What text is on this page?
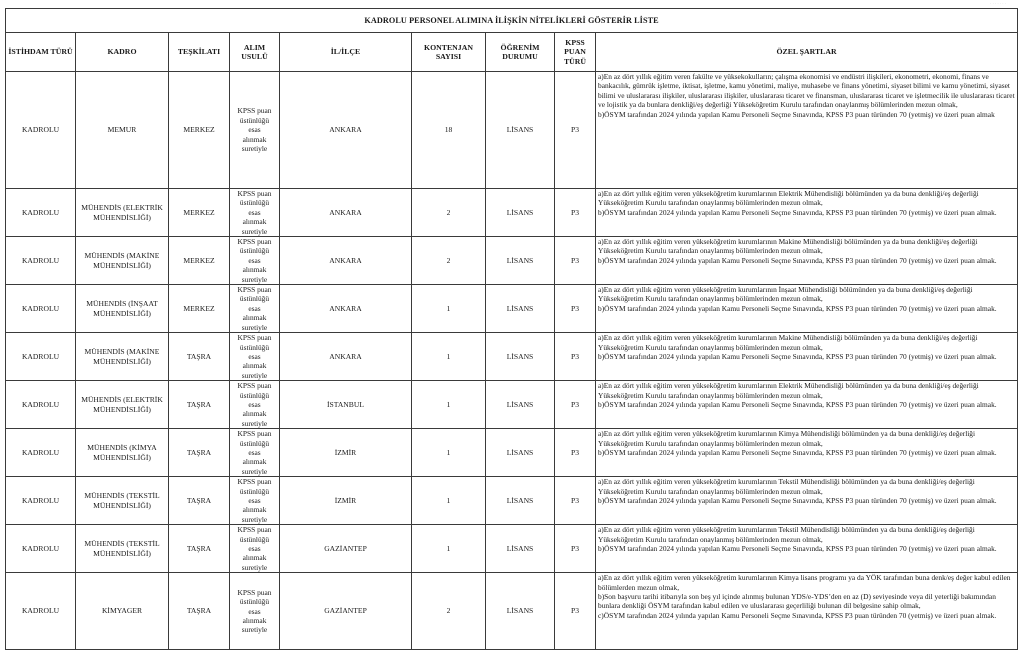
· · · · · · ·
KADROLU PERSONEL ALIMINA İLİŞKİN NİTELİKLERİ GÖSTERİR LİSTE								
İSTİHDAM TÜRÜ	KADRO	TEŞKİLATI	ALIM USULÜ	İL/İLÇE	KONTENJAN SAYISI	ÖĞRENİM DURUMU	KPSS PUAN TÜRÜ	ÖZEL ŞARTLAR
KADROLU	MEMUR	MERKEZ	KPSS puan üstünlüğü esas alınmak suretiyle	ANKARA	18	LİSANS	P3	a)En az dört yıllık eğitim veren fakülte ve yüksekokulların; çalışma ekonomisi ve endüstri ilişkileri, ekonometri, ekonomi, finans ve bankacılık, gümrük işletme, iktisat, işletme, kamu yönetimi, maliye, muhasebe ve finans yönetimi, siyaset bilimi ve kamu yönetimi, siyaset bilimi ve uluslararası ilişkiler, uluslararası ilişkiler, uluslararası ticaret ve finansman, uluslararası ticaret ve işletmecilik ile uluslararası ticaret ve lojistik ya da bunlara denkliği/eş değerliği Yükseköğretim Kurulu tarafından onaylanmış bölümlerinden mezun olmak,
b)ÖSYM tarafından 2024 yılında yapılan Kamu Personeli Seçme Sınavında, KPSS P3 puan türünden 70 (yetmiş) ve üzeri puan almak

KADROLU	MÜHENDİS (ELEKTRİK MÜHENDİSLİĞİ)	MERKEZ	KPSS puan üstünlüğü esas alınmak suretiyle	ANKARA	2	LİSANS	P3	a)En az dört yıllık eğitim veren yükseköğretim kurumlarının Elektrik Mühendisliği bölümünden ya da buna denkliği/eş değerliği Yükseköğretim Kurulu tarafından onaylanmış bölümlerinden mezun olmak,
b)ÖSYM tarafından 2024 yılında yapılan Kamu Personeli Seçme Sınavında, KPSS P3 puan türünden 70 (yetmiş) ve üzeri puan almak.

KADROLU	MÜHENDİS (MAKİNE MÜHENDİSLİĞİ)	MERKEZ	KPSS puan üstünlüğü esas alınmak suretiyle	ANKARA	2	LİSANS	P3	a)En az dört yıllık eğitim veren yükseköğretim kurumlarının Makine Mühendisliği bölümünden ya da buna denkliği/eş değerliği Yükseköğretim Kurulu tarafından onaylanmış bölümlerinden mezun olmak,
b)ÖSYM tarafından 2024 yılında yapılan Kamu Personeli Seçme Sınavında, KPSS P3 puan türünden 70 (yetmiş) ve üzeri puan almak.

KADROLU	MÜHENDİS (İNŞAAT MÜHENDİSLİĞİ)	MERKEZ	KPSS puan üstünlüğü esas alınmak suretiyle	ANKARA	1	LİSANS	P3	a)En az dört yıllık eğitim veren yükseköğretim kurumlarının İnşaat Mühendisliği bölümünden ya da buna denkliği/eş değerliği Yükseköğretim Kurulu tarafından onaylanmış bölümlerinden mezun olmak,
b)ÖSYM tarafından 2024 yılında yapılan Kamu Personeli Seçme Sınavında, KPSS P3 puan türünden 70 (yetmiş) ve üzeri puan almak.

KADROLU	MÜHENDİS (MAKİNE MÜHENDİSLİĞİ)	TAŞRA	KPSS puan üstünlüğü esas alınmak suretiyle	ANKARA	1	LİSANS	P3	a)En az dört yıllık eğitim veren yükseköğretim kurumlarının Makine Mühendisliği bölümünden ya da buna denkliği/eş değerliği Yükseköğretim Kurulu tarafından onaylanmış bölümlerinden mezun olmak,
b)ÖSYM tarafından 2024 yılında yapılan Kamu Personeli Seçme Sınavında, KPSS P3 puan türünden 70 (yetmiş) ve üzeri puan almak.

KADROLU	MÜHENDİS (ELEKTRİK MÜHENDİSLİĞİ)	TAŞRA	KPSS puan üstünlüğü esas alınmak suretiyle	İSTANBUL	1	LİSANS	P3	a)En az dört yıllık eğitim veren yükseköğretim kurumlarının Elektrik Mühendisliği bölümünden ya da buna denkliği/eş değerliği Yükseköğretim Kurulu tarafından onaylanmış bölümlerinden mezun olmak,
b)ÖSYM tarafından 2024 yılında yapılan Kamu Personeli Seçme Sınavında, KPSS P3 puan türünden 70 (yetmiş) ve üzeri puan almak.

KADROLU	MÜHENDİS (KİMYA MÜHENDİSLİĞİ)	TAŞRA	KPSS puan üstünlüğü esas alınmak suretiyle	İZMİR	1	LİSANS	P3	a)En az dört yıllık eğitim veren yükseköğretim kurumlarının Kimya Mühendisliği bölümünden ya da buna denkliği/eş değerliği Yükseköğretim Kurulu tarafından onaylanmış bölümlerinden mezun olmak,
b)ÖSYM tarafından 2024 yılında yapılan Kamu Personeli Seçme Sınavında, KPSS P3 puan türünden 70 (yetmiş) ve üzeri puan almak.

KADROLU	MÜHENDİS (TEKSTİL MÜHENDİSLİĞİ)	TAŞRA	KPSS puan üstünlüğü esas alınmak suretiyle	İZMİR	1	LİSANS	P3	a)En az dört yıllık eğitim veren yükseköğretim kurumlarının Tekstil Mühendisliği bölümünden ya da buna denkliği/eş değerliği Yükseköğretim Kurulu tarafından onaylanmış bölümlerinden mezun olmak,
b)ÖSYM tarafından 2024 yılında yapılan Kamu Personeli Seçme Sınavında, KPSS P3 puan türünden 70 (yetmiş) ve üzeri puan almak.

KADROLU	MÜHENDİS (TEKSTİL MÜHENDİSLİĞİ)	TAŞRA	KPSS puan üstünlüğü esas alınmak suretiyle	GAZİANTEP	1	LİSANS	P3	a)En az dört yıllık eğitim veren yükseköğretim kurumlarının Tekstil Mühendisliği bölümünden ya da buna denkliği/eş değerliği Yükseköğretim Kurulu tarafından onaylanmış bölümlerinden mezun olmak,
b)ÖSYM tarafından 2024 yılında yapılan Kamu Personeli Seçme Sınavında, KPSS P3 puan türünden 70 (yetmiş) ve üzeri puan almak.

KADROLU	KİMYAGER	TAŞRA	KPSS puan üstünlüğü esas alınmak suretiyle	GAZİANTEP	2	LİSANS	P3	a)En az dört yıllık eğitim veren yükseköğretim kurumlarının Kimya lisans programı ya da YÖK tarafından buna denk/eş değer kabul edilen bölümlerden mezun olmak,
b)Son başvuru tarihi itibarıyla son beş yıl içinde alınmış bulunan YDS/e-YDS’den en az (D) seviyesinde veya dil yeterliği bakımından bunlara denkliği ÖSYM tarafından kabul edilen ve uluslararası geçerliliği bulunan dil belgesine sahip olmak,
c)ÖSYM tarafından 2024 yılında yapılan Kamu Personeli Seçme Sınavında, KPSS P3 puan türünden 70 (yetmiş) ve üzeri puan almak.
